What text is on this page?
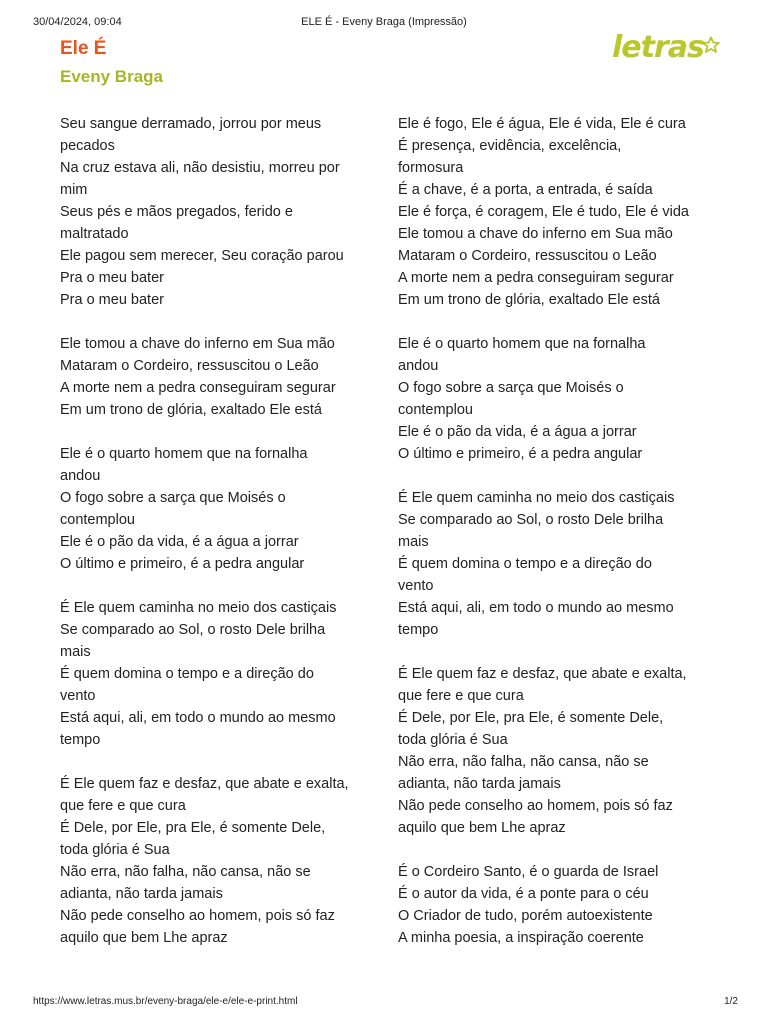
30/04/2024, 09:04	ELE É - Eveny Braga (Impressão)
Ele É
Eveny Braga
letras
Seu sangue derramado, jorrou por meus
pecados
Na cruz estava ali, não desistiu, morreu por
mim
Seus pés e mãos pregados, ferido e
maltratado
Ele pagou sem merecer, Seu coração parou
Pra o meu bater
Pra o meu bater
Ele tomou a chave do inferno em Sua mão
Mataram o Cordeiro, ressuscitou o Leão
A morte nem a pedra conseguiram segurar
Em um trono de glória, exaltado Ele está
Ele é o quarto homem que na fornalha
andou
O fogo sobre a sarça que Moisés o
contemplou
Ele é o pão da vida, é a água a jorrar
O último e primeiro, é a pedra angular
É Ele quem caminha no meio dos castiçais
Se comparado ao Sol, o rosto Dele brilha
mais
É quem domina o tempo e a direção do
vento
Está aqui, ali, em todo o mundo ao mesmo
tempo
É Ele quem faz e desfaz, que abate e exalta,
que fere e que cura
É Dele, por Ele, pra Ele, é somente Dele,
toda glória é Sua
Não erra, não falha, não cansa, não se
adianta, não tarda jamais
Não pede conselho ao homem, pois só faz
aquilo que bem Lhe apraz
Ele é fogo, Ele é água, Ele é vida, Ele é cura
É presença, evidência, excelência,
formosura
É a chave, é a porta, a entrada, é saída
Ele é força, é coragem, Ele é tudo, Ele é vida
Ele tomou a chave do inferno em Sua mão
Mataram o Cordeiro, ressuscitou o Leão
A morte nem a pedra conseguiram segurar
Em um trono de glória, exaltado Ele está
Ele é o quarto homem que na fornalha
andou
O fogo sobre a sarça que Moisés o
contemplou
Ele é o pão da vida, é a água a jorrar
O último e primeiro, é a pedra angular
É Ele quem caminha no meio dos castiçais
Se comparado ao Sol, o rosto Dele brilha
mais
É quem domina o tempo e a direção do
vento
Está aqui, ali, em todo o mundo ao mesmo
tempo
É Ele quem faz e desfaz, que abate e exalta,
que fere e que cura
É Dele, por Ele, pra Ele, é somente Dele,
toda glória é Sua
Não erra, não falha, não cansa, não se
adianta, não tarda jamais
Não pede conselho ao homem, pois só faz
aquilo que bem Lhe apraz
É o Cordeiro Santo, é o guarda de Israel
É o autor da vida, é a ponte para o céu
O Criador de tudo, porém autoexistente
A minha poesia, a inspiração coerente
https://www.letras.mus.br/eveny-braga/ele-e/ele-e-print.html	1/2
